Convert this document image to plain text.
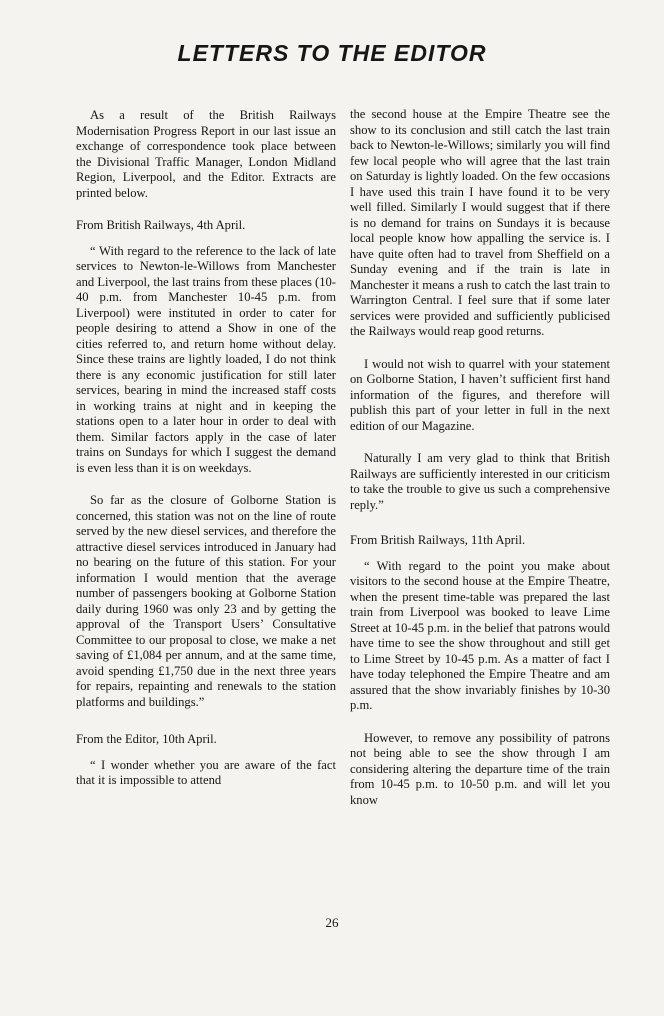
LETTERS TO THE EDITOR

As a result of the British Railways Modernisation Progress Report in our last issue an exchange of correspondence took place between the Divisional Traffic Manager, London Midland Region, Liverpool, and the Editor. Extracts are printed below.

From British Railways, 4th April.

“ With regard to the reference to the lack of late services to Newton-le-Willows from Manchester and Liverpool, the last trains from these places (10-40 p.m. from Manchester 10-45 p.m. from Liverpool) were instituted in order to cater for people desiring to attend a Show in one of the cities referred to, and return home without delay. Since these trains are lightly loaded, I do not think there is any economic justification for still later services, bearing in mind the increased staff costs in working trains at night and in keeping the stations open to a later hour in order to deal with them. Similar factors apply in the case of later trains on Sundays for which I suggest the demand is even less than it is on weekdays.

So far as the closure of Golborne Station is concerned, this station was not on the line of route served by the new diesel services, and therefore the attractive diesel services introduced in January had no bearing on the future of this station. For your information I would mention that the average number of passengers booking at Golborne Station daily during 1960 was only 23 and by getting the approval of the Transport Users’ Consultative Committee to our proposal to close, we make a net saving of £1,084 per annum, and at the same time, avoid spending £1,750 due in the next three years for repairs, repainting and renewals to the station platforms and buildings.”

From the Editor, 10th April.

“ I wonder whether you are aware of the fact that it is impossible to attend

the second house at the Empire Theatre see the show to its conclusion and still catch the last train back to Newton-le-Willows; similarly you will find few local people who will agree that the last train on Saturday is lightly loaded. On the few occasions I have used this train I have found it to be very well filled. Similarly I would suggest that if there is no demand for trains on Sundays it is because local people know how appalling the service is. I have quite often had to travel from Sheffield on a Sunday evening and if the train is late in Manchester it means a rush to catch the last train to Warrington Central. I feel sure that if some later services were provided and sufficiently publicised the Railways would reap good returns.

I would not wish to quarrel with your statement on Golborne Station, I haven’t sufficient first hand information of the figures, and therefore will publish this part of your letter in full in the next edition of our Magazine.

Naturally I am very glad to think that British Railways are sufficiently interested in our criticism to take the trouble to give us such a comprehensive reply.”

From British Railways, 11th April.

“ With regard to the point you make about visitors to the second house at the Empire Theatre, when the present time-table was prepared the last train from Liverpool was booked to leave Lime Street at 10-45 p.m. in the belief that patrons would have time to see the show throughout and still get to Lime Street by 10-45 p.m. As a matter of fact I have today telephoned the Empire Theatre and am assured that the show invariably finishes by 10-30 p.m.

However, to remove any possibility of patrons not being able to see the show through I am considering altering the departure time of the train from 10-45 p.m. to 10-50 p.m. and will let you know

26
